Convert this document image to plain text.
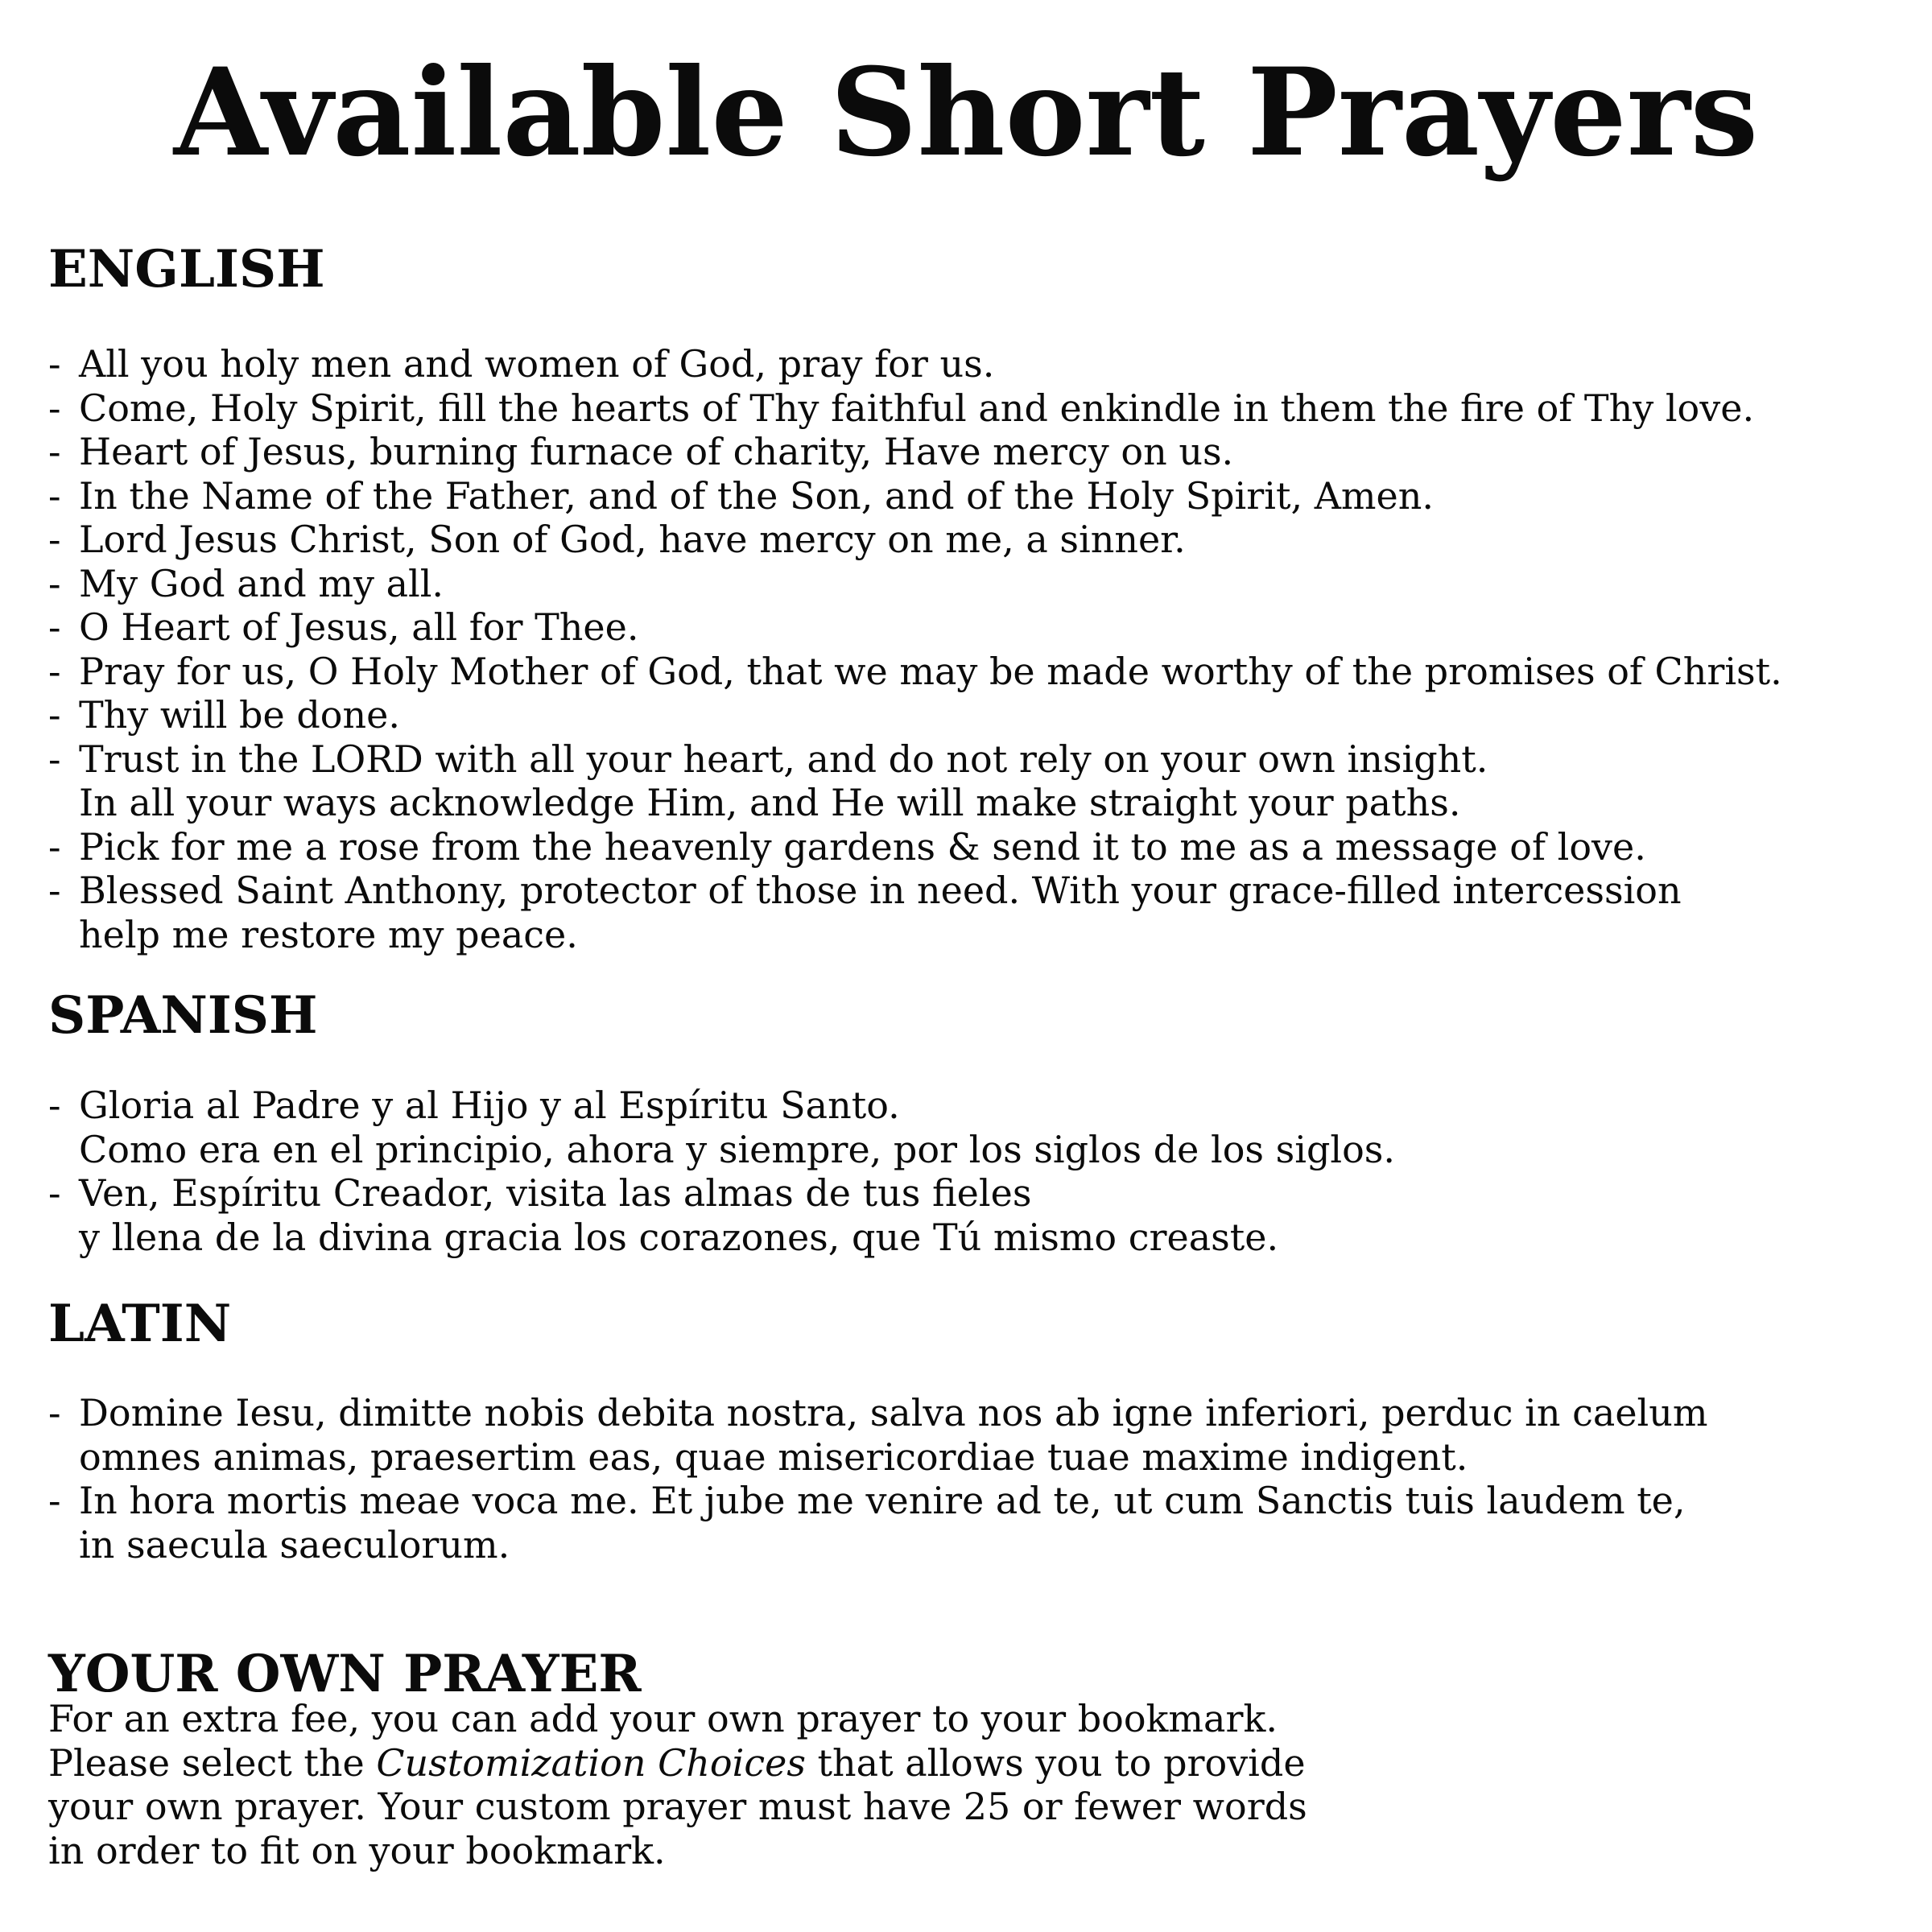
Available Short Prayers
ENGLISH
- All you holy men and women of God, pray for us.
- Come, Holy Spirit, fill the hearts of Thy faithful and enkindle in them the fire of Thy love.
- Heart of Jesus, burning furnace of charity, Have mercy on us.
- In the Name of the Father, and of the Son, and of the Holy Spirit, Amen.
- Lord Jesus Christ, Son of God, have mercy on me, a sinner.
- My God and my all.
- O Heart of Jesus, all for Thee.
- Pray for us, O Holy Mother of God, that we may be made worthy of the promises of Christ.
- Thy will be done.
- Trust in the LORD with all your heart, and do not rely on your own insight.
In all your ways acknowledge Him, and He will make straight your paths.
- Pick for me a rose from the heavenly gardens & send it to me as a message of love.
- Blessed Saint Anthony, protector of those in need. With your grace-filled intercession
help me restore my peace.
SPANISH
- Gloria al Padre y al Hijo y al Espíritu Santo.
Como era en el principio, ahora y siempre, por los siglos de los siglos.
- Ven, Espíritu Creador, visita las almas de tus fieles
y llena de la divina gracia los corazones, que Tú mismo creaste.
LATIN
- Domine Iesu, dimitte nobis debita nostra, salva nos ab igne inferiori, perduc in caelum
omnes animas, praesertim eas, quae misericordiae tuae maxime indigent.
- In hora mortis meae voca me. Et jube me venire ad te, ut cum Sanctis tuis laudem te,
in saecula saeculorum.
YOUR OWN PRAYER
For an extra fee, you can add your own prayer to your bookmark.
Please select the Customization Choices that allows you to provide
your own prayer. Your custom prayer must have 25 or fewer words
in order to fit on your bookmark.
